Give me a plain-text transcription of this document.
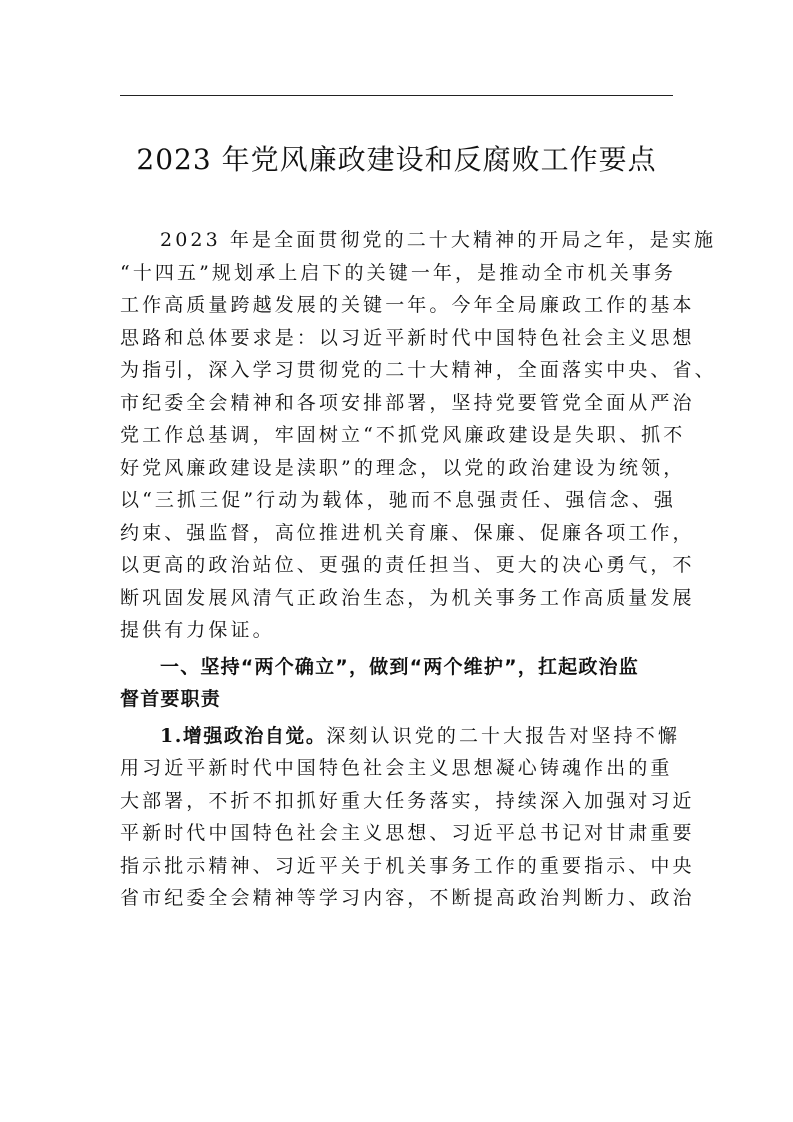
2023 年党风廉政建设和反腐败工作要点
2023 年是全面贯彻党的二十大精神的开局之年，是实施
“十四五”规划承上启下的关键一年，是推动全市机关事务
工作高质量跨越发展的关键一年。今年全局廉政工作的基本
思路和总体要求是：以习近平新时代中国特色社会主义思想
为指引，深入学习贯彻党的二十大精神，全面落实中央、省、
市纪委全会精神和各项安排部署，坚持党要管党全面从严治
党工作总基调，牢固树立“不抓党风廉政建设是失职、抓不
好党风廉政建设是渎职”的理念，以党的政治建设为统领，
以“三抓三促”行动为载体，驰而不息强责任、强信念、强
约束、强监督，高位推进机关育廉、保廉、促廉各项工作，
以更高的政治站位、更强的责任担当、更大的决心勇气，不
断巩固发展风清气正政治生态，为机关事务工作高质量发展
提供有力保证。
一、坚持“两个确立”，做到“两个维护”，扛起政治监
督首要职责
1.增强政治自觉。深刻认识党的二十大报告对坚持不懈
用习近平新时代中国特色社会主义思想凝心铸魂作出的重
大部署，不折不扣抓好重大任务落实，持续深入加强对习近
平新时代中国特色社会主义思想、习近平总书记对甘肃重要
指示批示精神、习近平关于机关事务工作的重要指示、中央
省市纪委全会精神等学习内容，不断提高政治判断力、政治
